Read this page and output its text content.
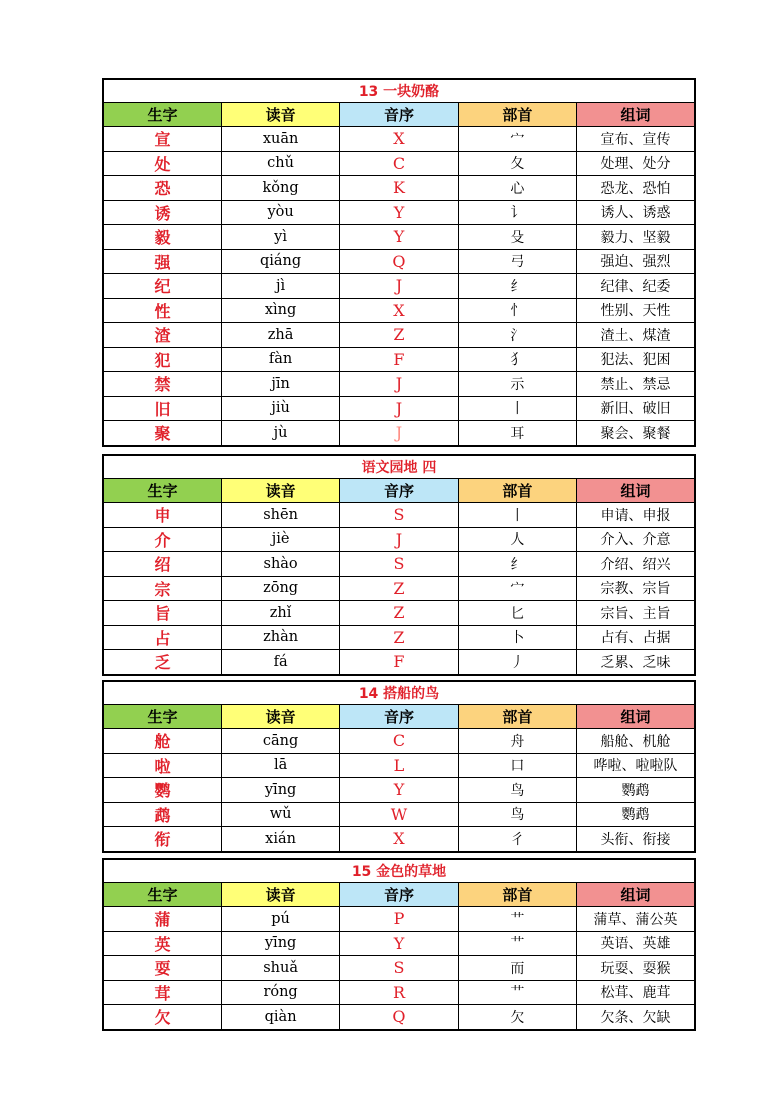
13 一块奶酪				
生字	读音	音序	部首	组词
宣	xuān	X	宀	宣布、宣传
处	chǔ	C	夂	处理、处分
恐	kǒng	K	心	恐龙、恐怕
诱	yòu	Y	讠	诱人、诱惑
毅	yì	Y	殳	毅力、坚毅
强	qiáng	Q	弓	强迫、强烈
纪	jì	J	纟	纪律、纪委
性	xìng	X	忄	性别、天性
渣	zhā	Z	氵	渣土、煤渣
犯	fàn	F	犭	犯法、犯困
禁	jīn	J	示	禁止、禁忌
旧	jiù	J	丨	新旧、破旧
聚	jù	J	耳	聚会、聚餐
语文园地 四				
生字	读音	音序	部首	组词
申	shēn	S	丨	申请、申报
介	jiè	J	人	介入、介意
绍	shào	S	纟	介绍、绍兴
宗	zōng	Z	宀	宗教、宗旨
旨	zhǐ	Z	匕	宗旨、主旨
占	zhàn	Z	卜	占有、占据
乏	fá	F	丿	乏累、乏味
14 搭船的鸟				
生字	读音	音序	部首	组词
舱	cāng	C	舟	船舱、机舱
啦	lā	L	口	哗啦、啦啦队
鹦	yīng	Y	鸟	鹦鹉
鹉	wǔ	W	鸟	鹦鹉
衔	xián	X	彳	头衔、衔接
15 金色的草地				
生字	读音	音序	部首	组词
蒲	pú	P	艹	蒲草、蒲公英
英	yīng	Y	艹	英语、英雄
耍	shuǎ	S	而	玩耍、耍猴
茸	róng	R	艹	松茸、鹿茸
欠	qiàn	Q	欠	欠条、欠缺
